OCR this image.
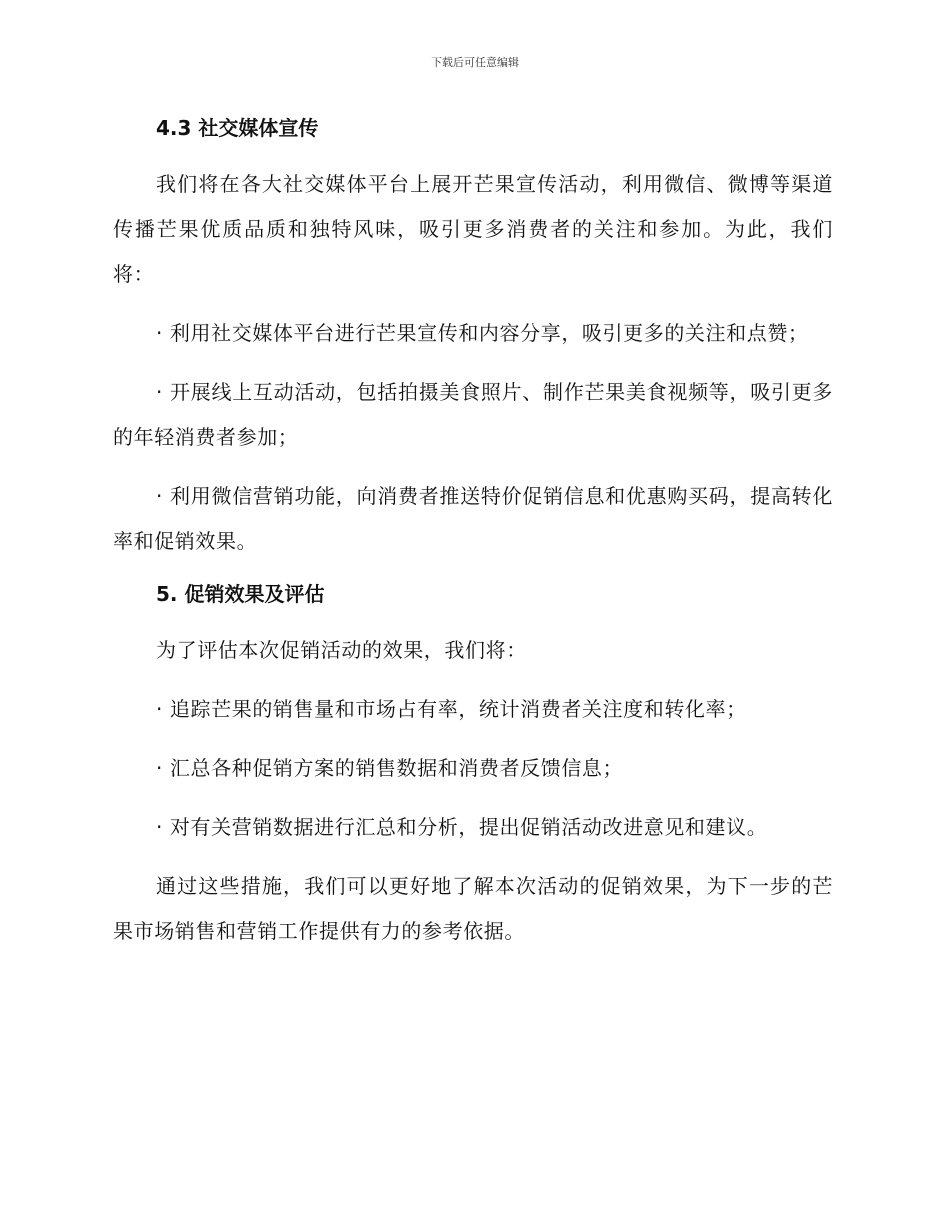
下载后可任意编辑
4.3 社交媒体宣传

我们将在各大社交媒体平台上展开芒果宣传活动，利用微信、微博等渠道传播芒果优质品质和独特风味，吸引更多消费者的关注和参加。为此，我们将：

· 利用社交媒体平台进行芒果宣传和内容分享，吸引更多的关注和点赞；

· 开展线上互动活动，包括拍摄美食照片、制作芒果美食视频等，吸引更多的年轻消费者参加；

· 利用微信营销功能，向消费者推送特价促销信息和优惠购买码，提高转化率和促销效果。

5. 促销效果及评估

为了评估本次促销活动的效果，我们将：

· 追踪芒果的销售量和市场占有率，统计消费者关注度和转化率；

· 汇总各种促销方案的销售数据和消费者反馈信息；

· 对有关营销数据进行汇总和分析，提出促销活动改进意见和建议。

通过这些措施，我们可以更好地了解本次活动的促销效果，为下一步的芒果市场销售和营销工作提供有力的参考依据。
